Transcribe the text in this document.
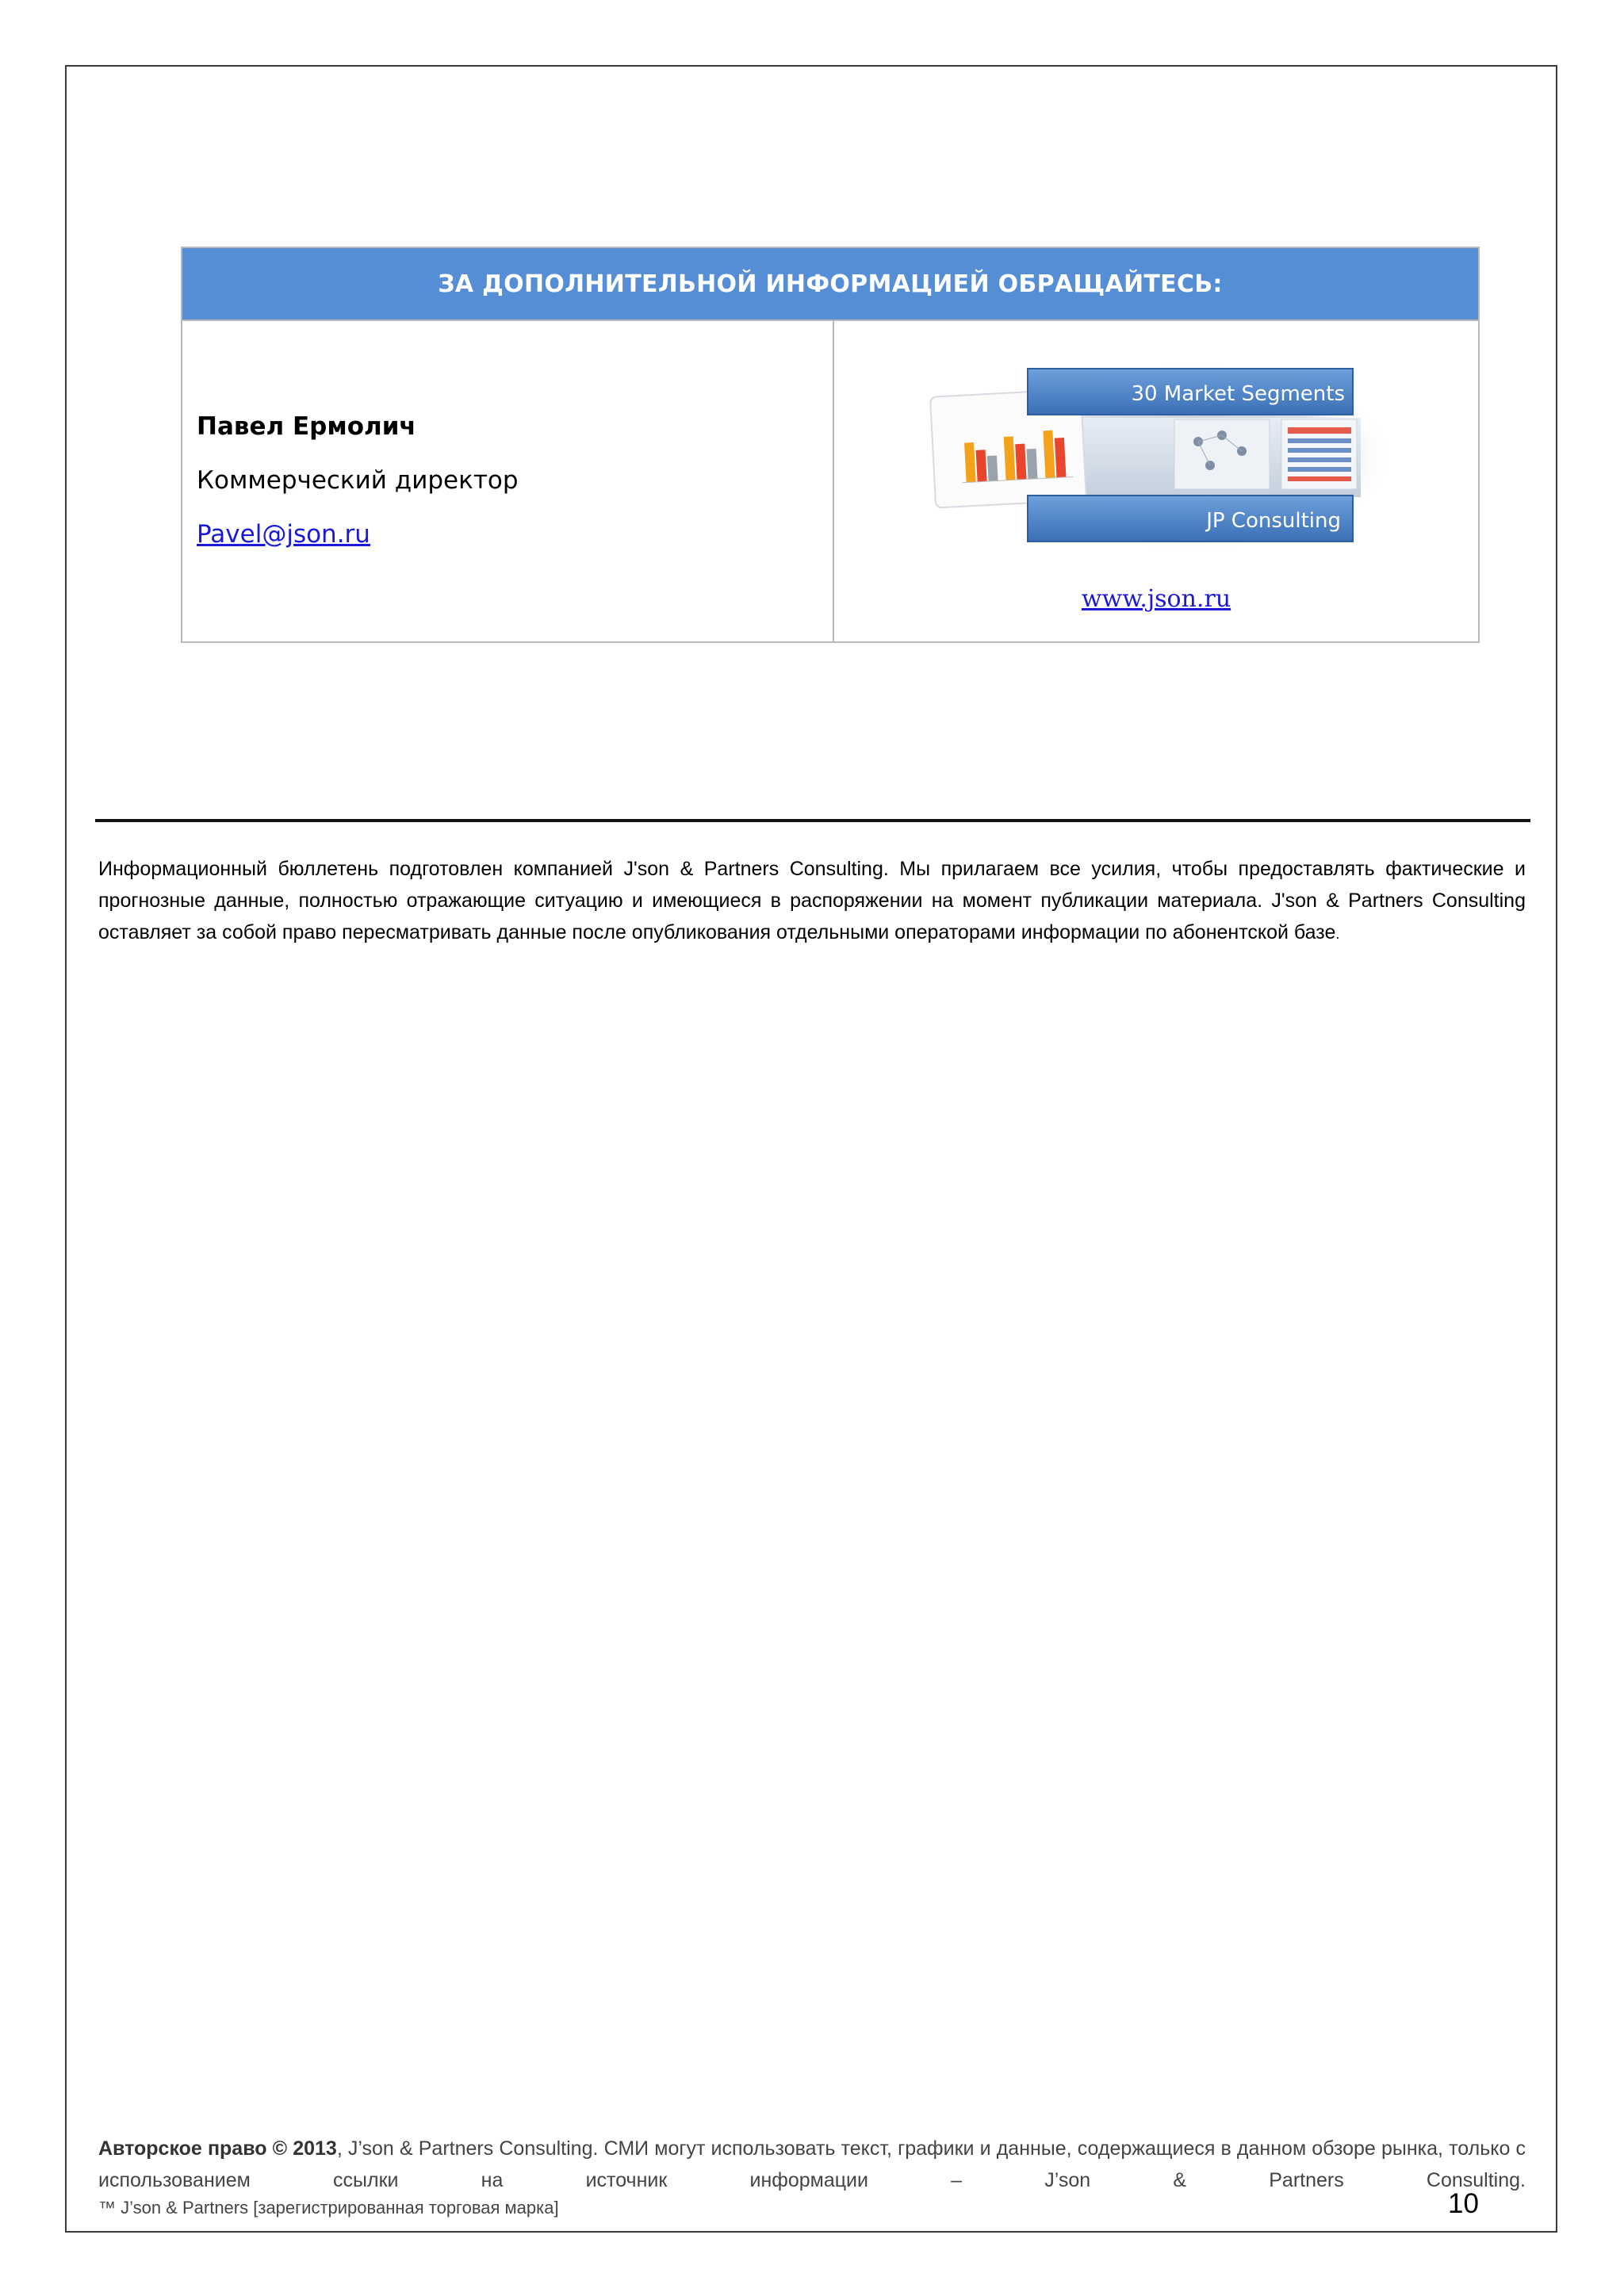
ЗА ДОПОЛНИТЕЛЬНОЙ ИНФОРМАЦИЕЙ ОБРАЩАЙТЕСЬ:
Павел Ермолич
Коммерческий директор
Pavel@json.ru
30 Market Segments
JP Consulting
www.json.ru
Информационный бюллетень подготовлен компанией J'son & Partners Consulting. Мы прилагаем все усилия, чтобы предоставлять фактические и прогнозные данные, полностью отражающие ситуацию и имеющиеся в распоряжении на момент публикации материала. J'son & Partners Consulting оставляет за собой право пересматривать данные после опубликования отдельными операторами информации по абонентской базе.
Авторское право © 2013, J’son & Partners Consulting. СМИ могут использовать текст, графики и данные, содержащиеся в данном обзоре рынка, только с использованием ссылки на источник информации – J’son & Partners Consulting.
™ J’son & Partners [зарегистрированная торговая марка]	10
